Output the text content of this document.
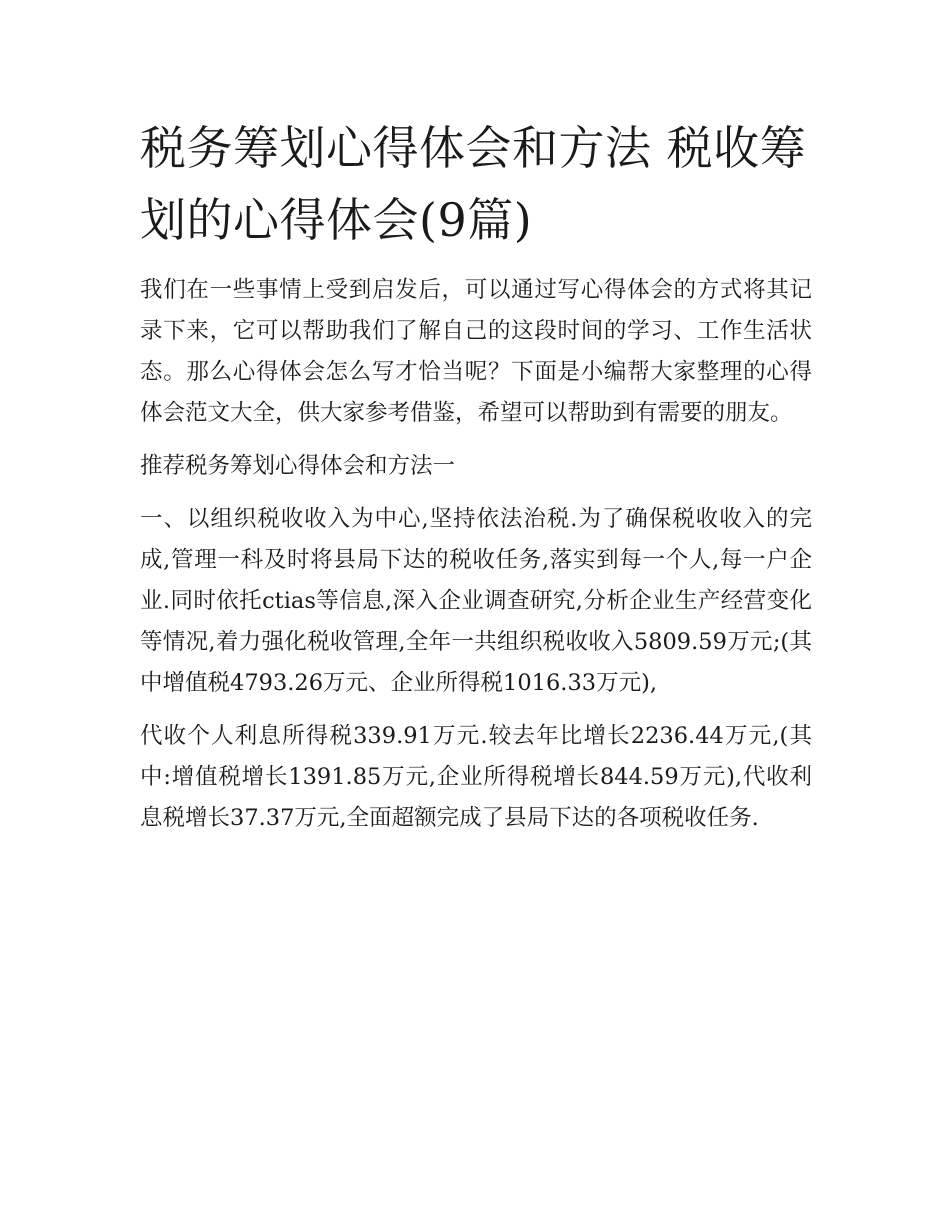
税务筹划心得体会和方法 税收筹划的心得体会(9篇)

我们在一些事情上受到启发后，可以通过写心得体会的方式将其记录下来，它可以帮助我们了解自己的这段时间的学习、工作生活状态。那么心得体会怎么写才恰当呢？下面是小编帮大家整理的心得体会范文大全，供大家参考借鉴，希望可以帮助到有需要的朋友。

推荐税务筹划心得体会和方法一

一、以组织税收收入为中心,坚持依法治税.为了确保税收收入的完成,管理一科及时将县局下达的税收任务,落实到每一个人,每一户企业.同时依托ctias等信息,深入企业调查研究,分析企业生产经营变化等情况,着力强化税收管理,全年一共组织税收收入5809.59万元;(其中增值税4793.26万元、企业所得税1016.33万元),

代收个人利息所得税339.91万元.较去年比增长2236.44万元,(其中:增值税增长1391.85万元,企业所得税增长844.59万元),代收利息税增长37.37万元,全面超额完成了县局下达的各项税收任务.
